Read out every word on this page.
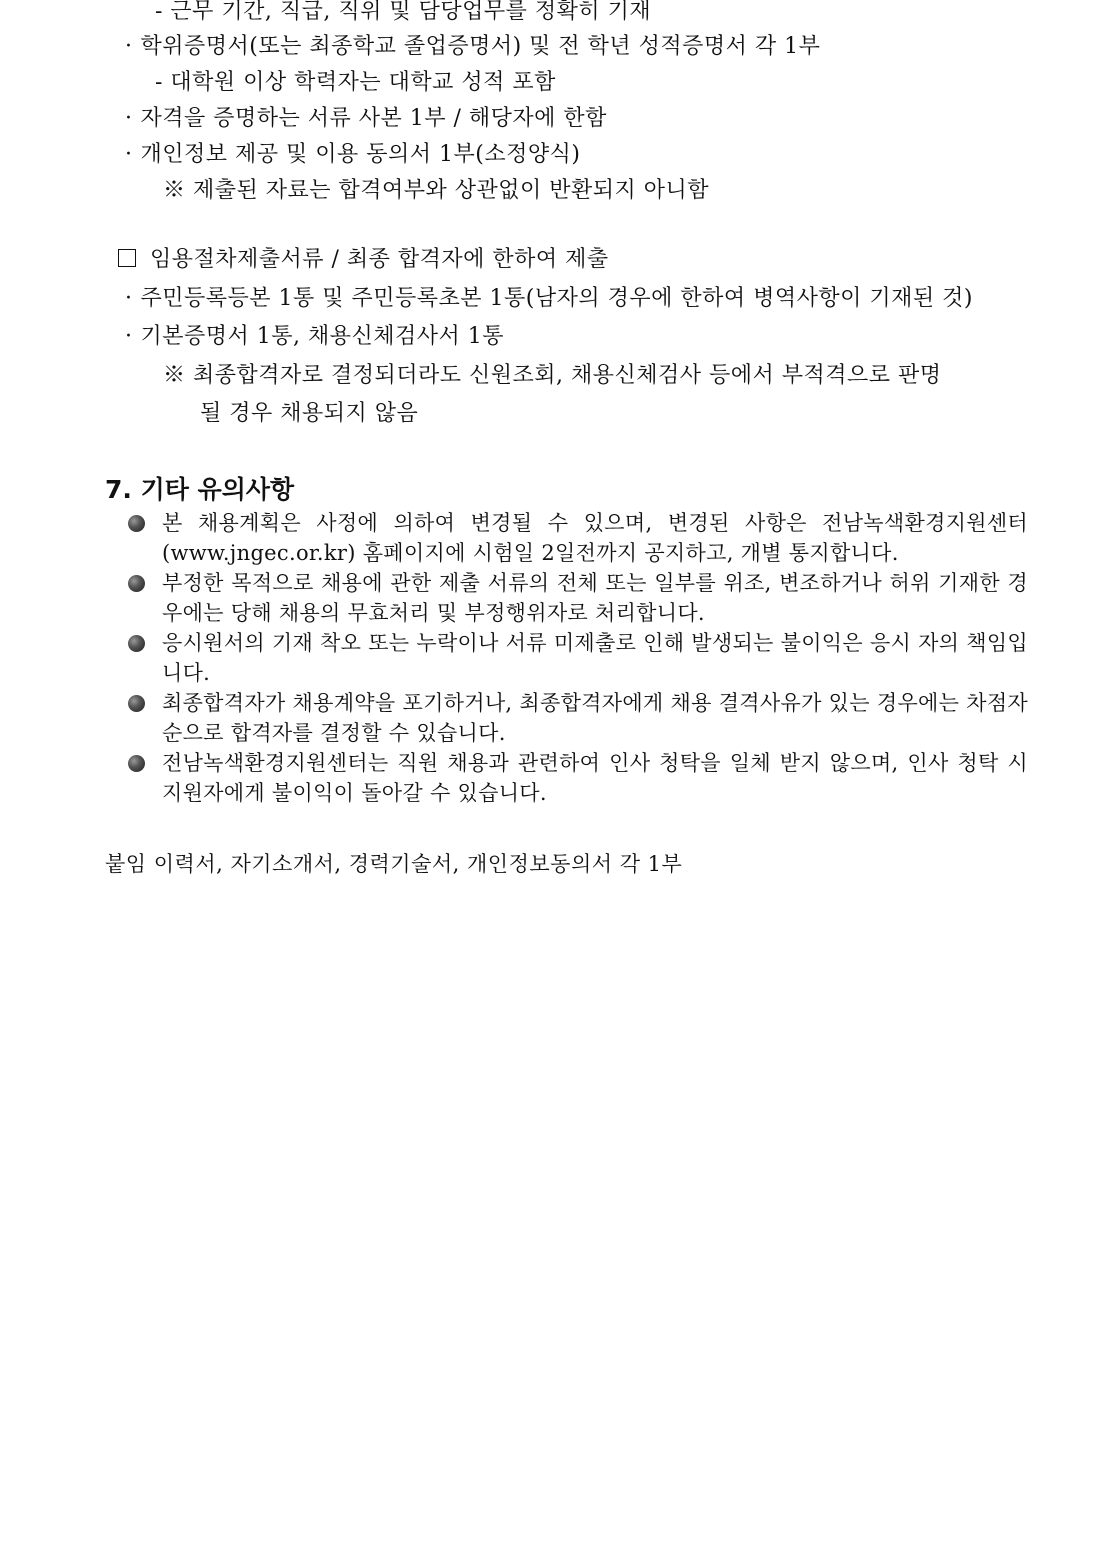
- 근무 기간, 직급, 직위 및 담당업무를 정확히 기재
· 학위증명서(또는 최종학교 졸업증명서) 및 전 학년 성적증명서 각 1부
- 대학원 이상 학력자는 대학교 성적 포함
· 자격을 증명하는 서류 사본 1부 / 해당자에 한함
· 개인정보 제공 및 이용 동의서 1부(소정양식)
※ 제출된 자료는 합격여부와 상관없이 반환되지 아니함
임용절차제출서류 / 최종 합격자에 한하여 제출
· 주민등록등본 1통 및 주민등록초본 1통(남자의 경우에 한하여 병역사항이 기재된 것)
· 기본증명서 1통, 채용신체검사서 1통
※ 최종합격자로 결정되더라도 신원조회, 채용신체검사 등에서 부적격으로 판명
될 경우 채용되지 않음
7. 기타 유의사항
본 채용계획은 사정에 의하여 변경될 수 있으며, 변경된 사항은 전남녹색환경지원센터 (www.jngec.or.kr) 홈페이지에 시험일 2일전까지 공지하고, 개별 통지합니다.
부정한 목적으로 채용에 관한 제출 서류의 전체 또는 일부를 위조, 변조하거나 허위 기재한 경우에는 당해 채용의 무효처리 및 부정행위자로 처리합니다.
응시원서의 기재 착오 또는 누락이나 서류 미제출로 인해 발생되는 불이익은 응시 자의 책임입니다.
최종합격자가 채용계약을 포기하거나, 최종합격자에게 채용 결격사유가 있는 경우에는 차점자 순으로 합격자를 결정할 수 있습니다.
전남녹색환경지원센터는 직원 채용과 관련하여 인사 청탁을 일체 받지 않으며, 인사 청탁 시 지원자에게 불이익이 돌아갈 수 있습니다.
붙임 이력서, 자기소개서, 경력기술서, 개인정보동의서 각 1부
